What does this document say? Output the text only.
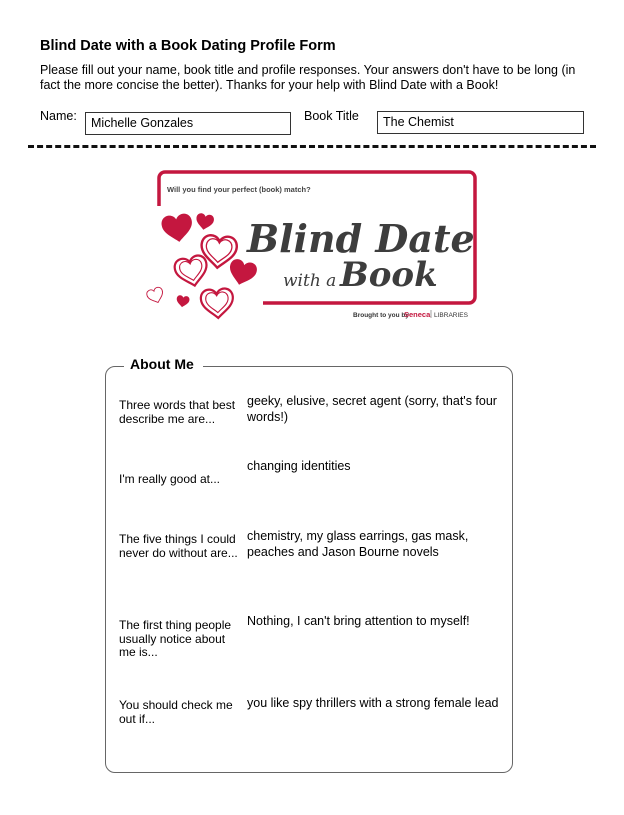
Blind Date with a Book Dating Profile Form
Please fill out your name, book title and profile responses. Your answers don't have to be long (in fact the more concise the better). Thanks for your help with Blind Date with a Book!
Name:	Michelle Gonzales	Book Title	The Chemist
Will you find your perfect (book) match?
Blind Date
with a Book
Brought to you by
Seneca LIBRARIES
About Me
Three words that best describe me are...
geeky, elusive, secret agent (sorry, that's four words!)
I'm really good at...
changing identities
The five things I could never do without are...
chemistry, my glass earrings, gas mask, peaches and Jason Bourne novels
The first thing people usually notice about me is...
Nothing, I can't bring attention to myself!
You should check me out if...
you like spy thrillers with a strong female lead
